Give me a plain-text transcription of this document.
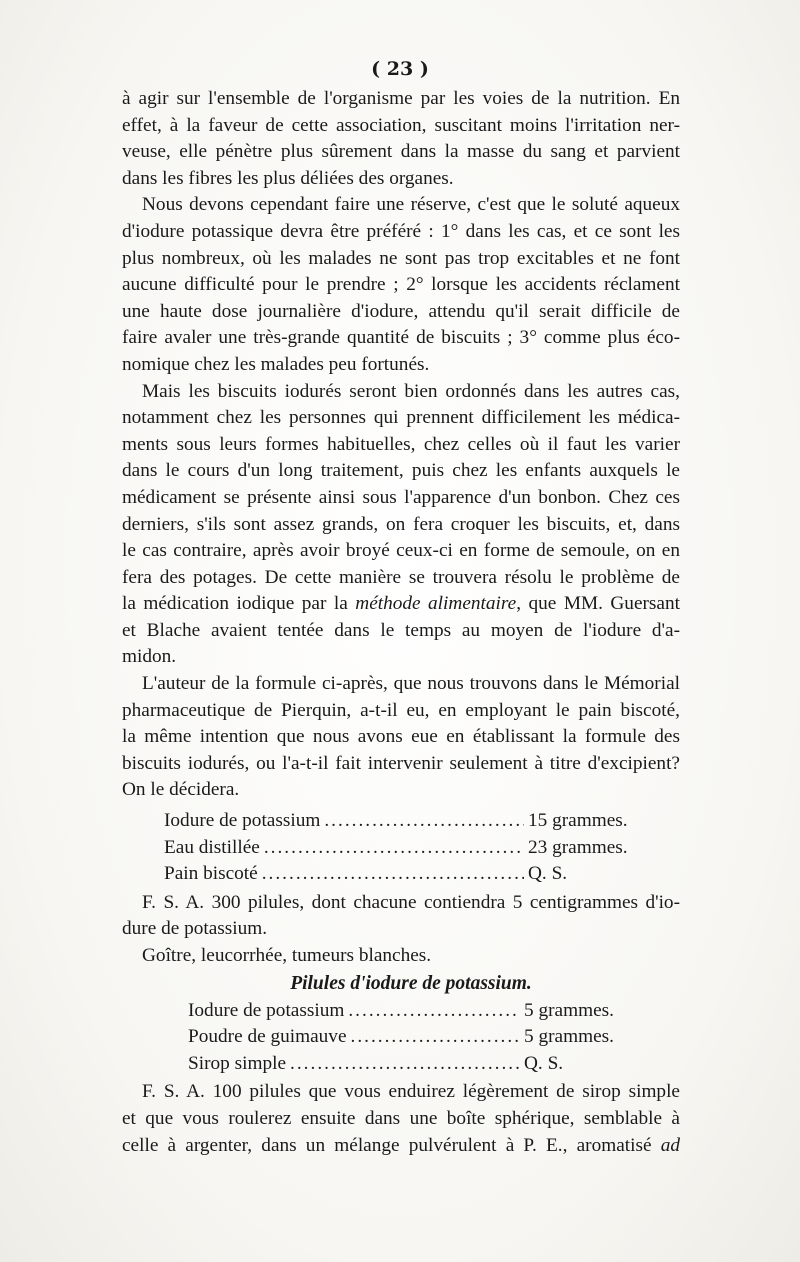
( 23 )

à agir sur l'ensemble de l'organisme par les voies de la nutrition. En
effet, à la faveur de cette association, suscitant moins l'irritation ner-
veuse, elle pénètre plus sûrement dans la masse du sang et parvient
dans les fibres les plus déliées des organes.

Nous devons cependant faire une réserve, c'est que le soluté aqueux
d'iodure potassique devra être préféré : 1° dans les cas, et ce sont les
plus nombreux, où les malades ne sont pas trop excitables et ne font
aucune difficulté pour le prendre ; 2° lorsque les accidents réclament
une haute dose journalière d'iodure, attendu qu'il serait difficile de
faire avaler une très-grande quantité de biscuits ; 3° comme plus éco-
nomique chez les malades peu fortunés.

Mais les biscuits iodurés seront bien ordonnés dans les autres cas,
notamment chez les personnes qui prennent difficilement les médica-
ments sous leurs formes habituelles, chez celles où il faut les varier
dans le cours d'un long traitement, puis chez les enfants auxquels le
médicament se présente ainsi sous l'apparence d'un bonbon. Chez ces
derniers, s'ils sont assez grands, on fera croquer les biscuits, et, dans
le cas contraire, après avoir broyé ceux-ci en forme de semoule, on en
fera des potages. De cette manière se trouvera résolu le problème de
la médication iodique par la méthode alimentaire, que MM. Guersant
et Blache avaient tentée dans le temps au moyen de l'iodure d'a-
midon.

L'auteur de la formule ci-après, que nous trouvons dans le Mémorial
pharmaceutique de Pierquin, a-t-il eu, en employant le pain biscoté,
la même intention que nous avons eue en établissant la formule des
biscuits iodurés, ou l'a-t-il fait intervenir seulement à titre d'excipient?
On le décidera.

Iodure de potassium .....	15 grammes.
Eau distillée .....	23 grammes.
Pain biscoté .....	Q. S.

F. S. A. 300 pilules, dont chacune contiendra 5 centigrammes d'io-
dure de potassium.

Goître, leucorrhée, tumeurs blanches.

Pilules d'iodure de potassium.
Iodure de potassium .....	5 grammes.
Poudre de guimauve .....	5 grammes.
Sirop simple .....	Q. S.

F. S. A. 100 pilules que vous enduirez légèrement de sirop simple
et que vous roulerez ensuite dans une boîte sphérique, semblable à
celle à argenter, dans un mélange pulvérulent à P. E., aromatisé ad
